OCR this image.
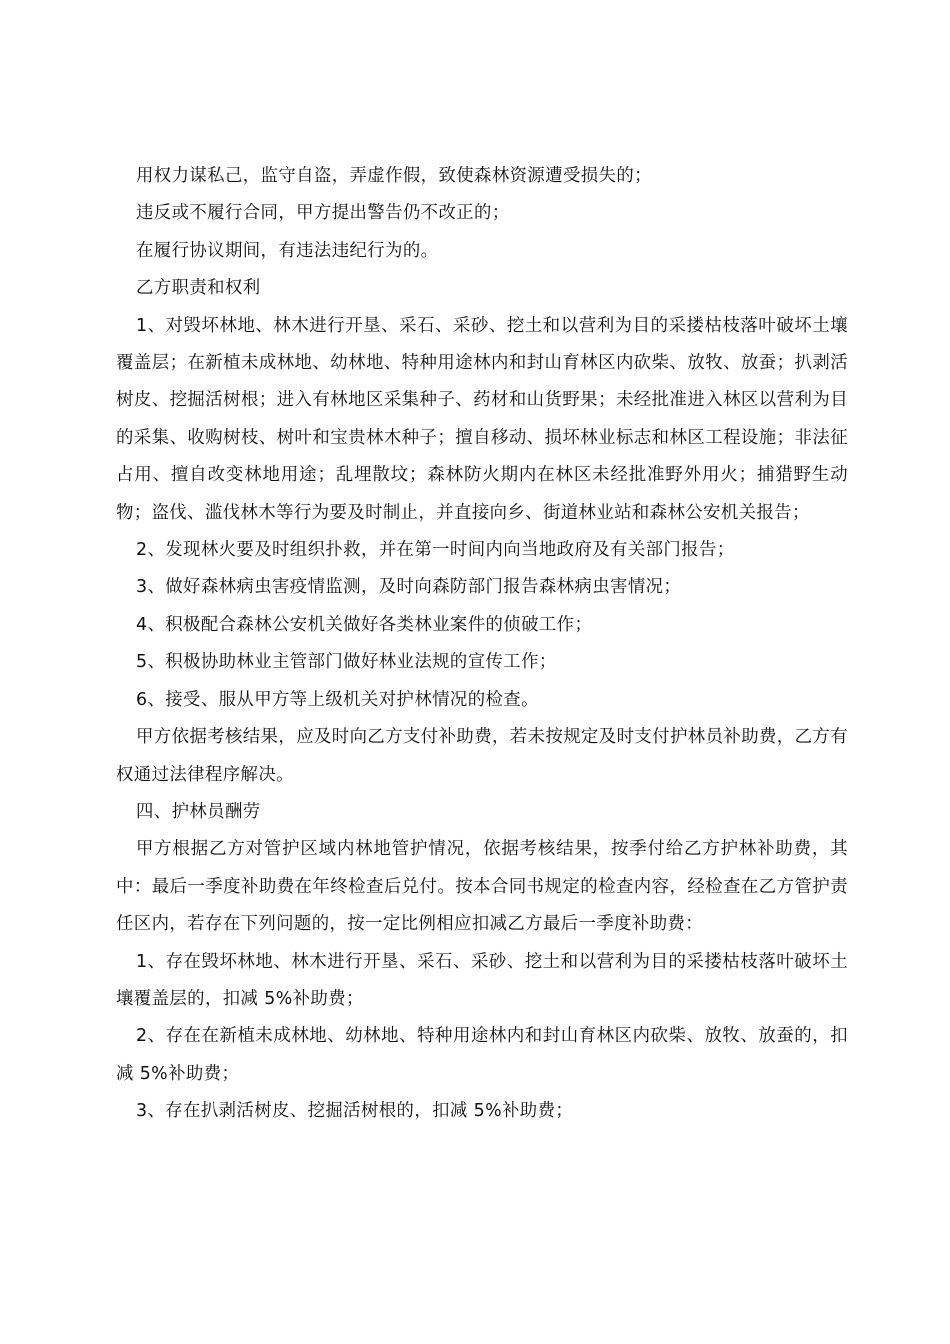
用权力谋私己，监守自盗，弄虚作假，致使森林资源遭受损失的；

违反或不履行合同，甲方提出警告仍不改正的；

在履行协议期间，有违法违纪行为的。

乙方职责和权利

1、对毁坏林地、林木进行开垦、采石、采砂、挖土和以营利为目的采搂枯枝落叶破坏土壤覆盖层；在新植未成林地、幼林地、特种用途林内和封山育林区内砍柴、放牧、放蚕；扒剥活树皮、挖掘活树根；进入有林地区采集种子、药材和山货野果；未经批准进入林区以营利为目的采集、收购树枝、树叶和宝贵林木种子；擅自移动、损坏林业标志和林区工程设施；非法征占用、擅自改变林地用途；乱埋散坟；森林防火期内在林区未经批准野外用火；捕猎野生动物；盗伐、滥伐林木等行为要及时制止，并直接向乡、街道林业站和森林公安机关报告；

2、发现林火要及时组织扑救，并在第一时间内向当地政府及有关部门报告；

3、做好森林病虫害疫情监测，及时向森防部门报告森林病虫害情况；

4、积极配合森林公安机关做好各类林业案件的侦破工作；

5、积极协助林业主管部门做好林业法规的宣传工作；

6、接受、服从甲方等上级机关对护林情况的检查。

甲方依据考核结果，应及时向乙方支付补助费，若未按规定及时支付护林员补助费，乙方有权通过法律程序解决。

四、护林员酬劳

甲方根据乙方对管护区域内林地管护情况，依据考核结果，按季付给乙方护林补助费，其中：最后一季度补助费在年终检查后兑付。按本合同书规定的检查内容，经检查在乙方管护责任区内，若存在下列问题的，按一定比例相应扣减乙方最后一季度补助费：

1、存在毁坏林地、林木进行开垦、采石、采砂、挖土和以营利为目的采搂枯枝落叶破坏土壤覆盖层的，扣减 5%补助费；

2、存在在新植未成林地、幼林地、特种用途林内和封山育林区内砍柴、放牧、放蚕的，扣减 5%补助费；

3、存在扒剥活树皮、挖掘活树根的，扣减 5%补助费；
